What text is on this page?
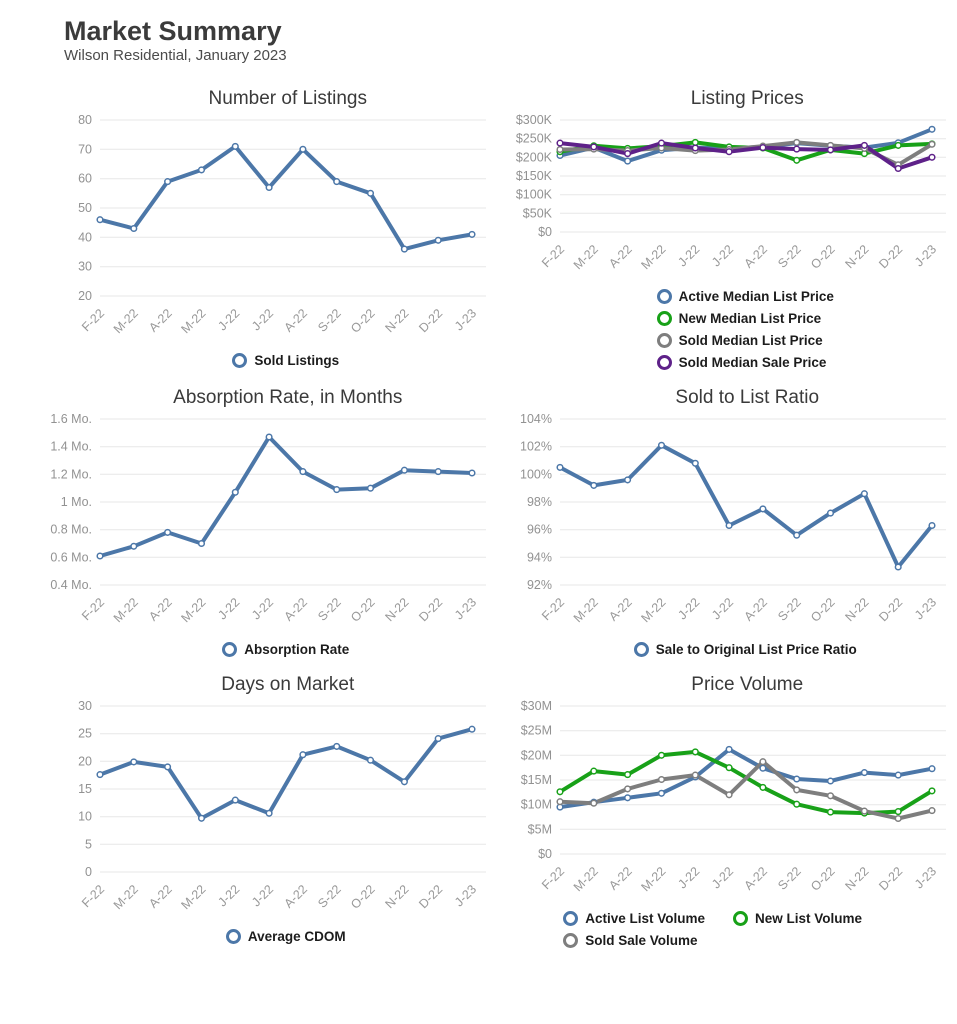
Market Summary

Wilson Residential, January 2023

Number of Listings
20
30
40
50
60
70
80
F-22 M-22 A-22 M-22 J-22 J-22 A-22 S-22 O-22 N-22 D-22 J-23
Sold Listings
Listing Prices
$0
$50K
$100K
$150K
$200K
$250K
$300K
F-22 M-22 A-22 M-22 J-22 J-22 A-22 S-22 O-22 N-22 D-22 J-23
Active Median List Price
New Median List Price
Sold Median List Price
Sold Median Sale Price
Absorption Rate, in Months
0.4 Mo.
0.6 Mo.
0.8 Mo.
1 Mo.
1.2 Mo.
1.4 Mo.
1.6 Mo.
F-22 M-22 A-22 M-22 J-22 J-22 A-22 S-22 O-22 N-22 D-22 J-23
Absorption Rate
Sold to List Ratio
92%
94%
96%
98%
100%
102%
104%
F-22 M-22 A-22 M-22 J-22 J-22 A-22 S-22 O-22 N-22 D-22 J-23
Sale to Original List Price Ratio
Days on Market
0
5
10
15
20
25
30
F-22 M-22 A-22 M-22 J-22 J-22 A-22 S-22 O-22 N-22 D-22 J-23
Average CDOM
Price Volume
$0
$5M
$10M
$15M
$20M
$25M
$30M
F-22 M-22 A-22 M-22 J-22 J-22 A-22 S-22 O-22 N-22 D-22 J-23
Active List Volume	New List Volume
Sold Sale Volume
